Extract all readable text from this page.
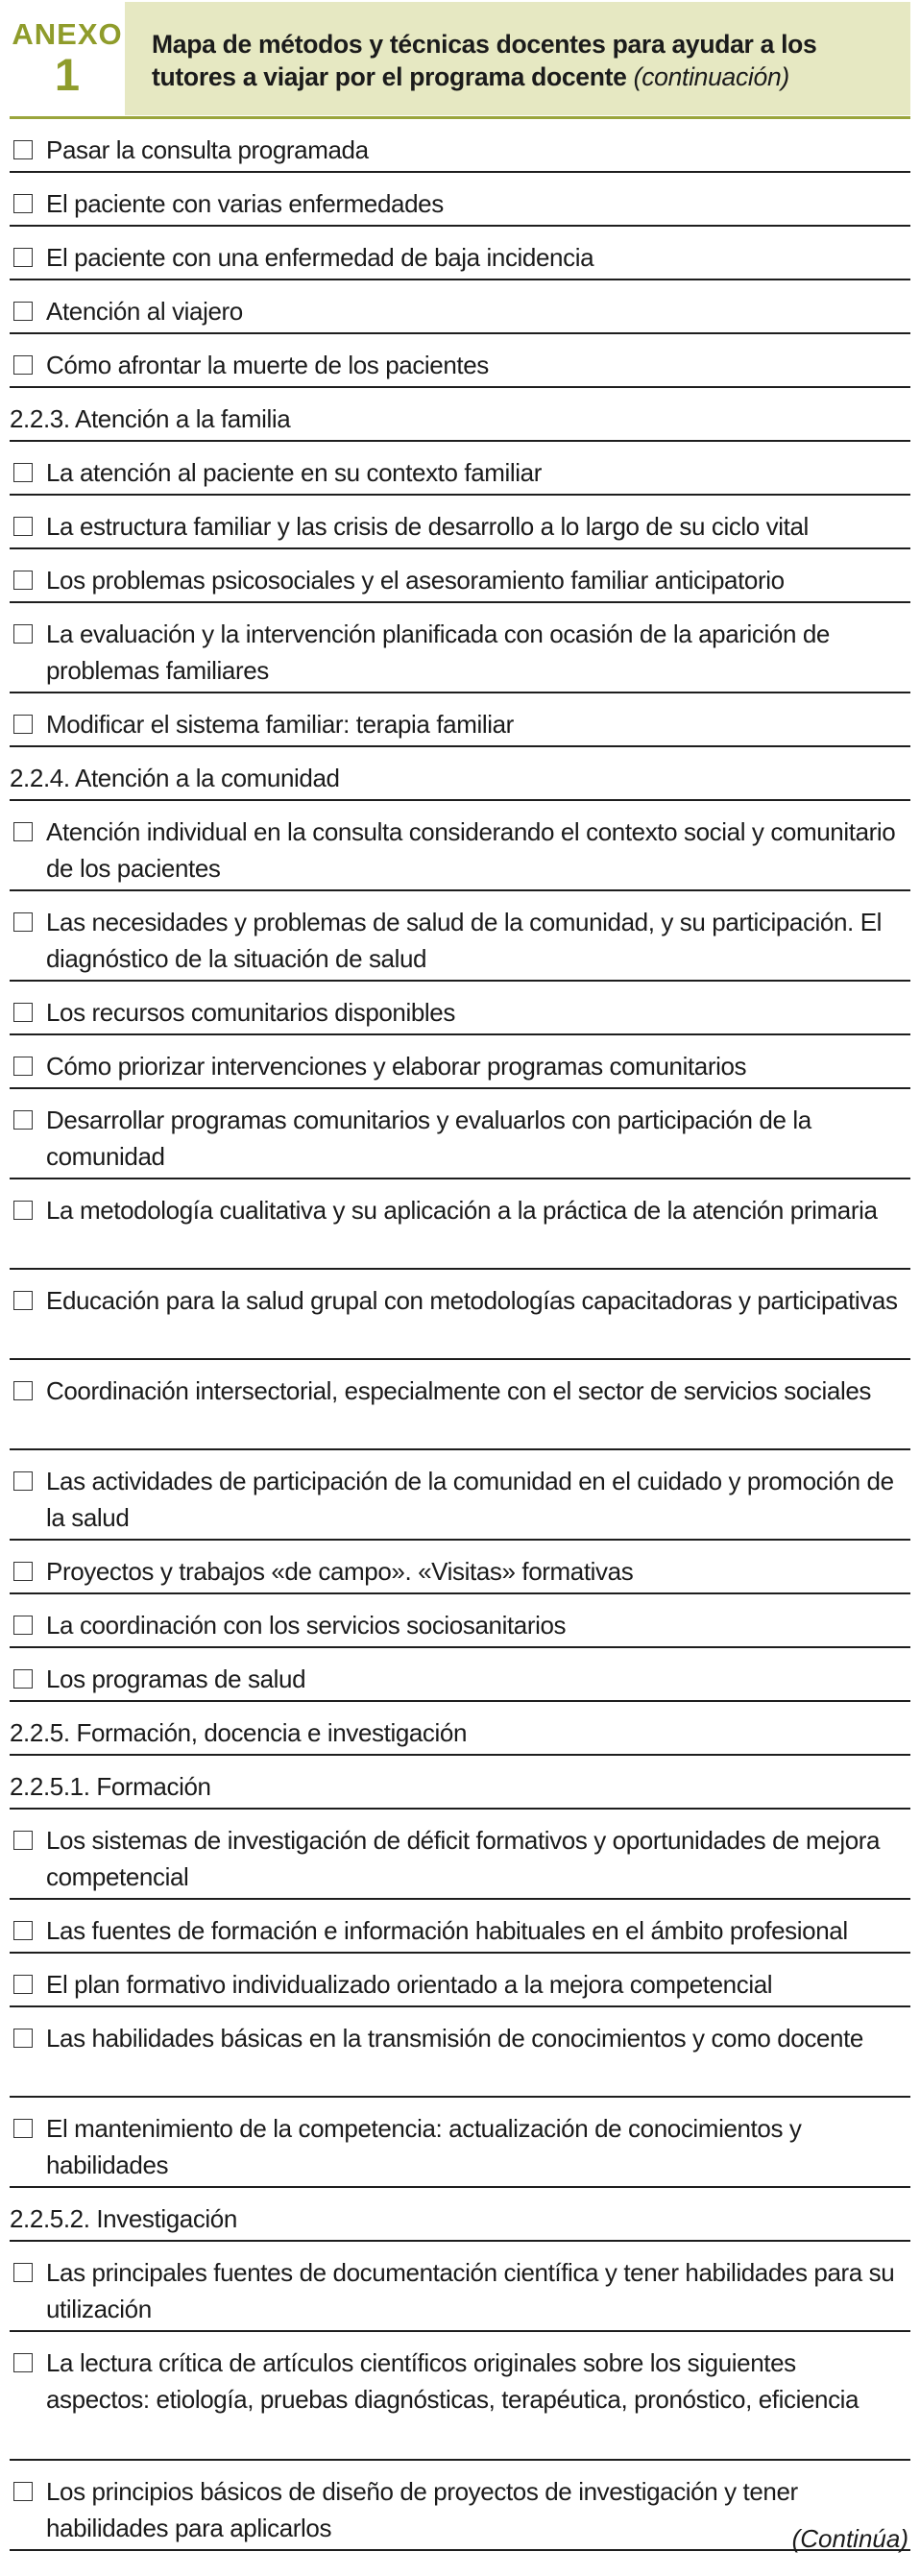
ANEXO
1
Mapa de métodos y técnicas docentes para ayudar a los tutores a viajar por el programa docente (continuación)
Pasar la consulta programada
El paciente con varias enfermedades
El paciente con una enfermedad de baja incidencia
Atención al viajero
Cómo afrontar la muerte de los pacientes
2.2.3. Atención a la familia
La atención al paciente en su contexto familiar
La estructura familiar y las crisis de desarrollo a lo largo de su ciclo vital
Los problemas psicosociales y el asesoramiento familiar anticipatorio
La evaluación y la intervención planificada con ocasión de la aparición de problemas familiares
Modificar el sistema familiar: terapia familiar
2.2.4. Atención a la comunidad
Atención individual en la consulta considerando el contexto social y comunitario de los pacientes
Las necesidades y problemas de salud de la comunidad, y su participación. El diagnóstico de la situación de salud
Los recursos comunitarios disponibles
Cómo priorizar intervenciones y elaborar programas comunitarios
Desarrollar programas comunitarios y evaluarlos con participación de la comunidad
La metodología cualitativa y su aplicación a la práctica de la atención primaria
Educación para la salud grupal con metodologías capacitadoras y participativas
Coordinación intersectorial, especialmente con el sector de servicios sociales
Las actividades de participación de la comunidad en el cuidado y promoción de la salud
Proyectos y trabajos «de campo». «Visitas» formativas
La coordinación con los servicios sociosanitarios
Los programas de salud
2.2.5. Formación, docencia e investigación
2.2.5.1. Formación
Los sistemas de investigación de déficit formativos y oportunidades de mejora competencial
Las fuentes de formación e información habituales en el ámbito profesional
El plan formativo individualizado orientado a la mejora competencial
Las habilidades básicas en la transmisión de conocimientos y como docente
El mantenimiento de la competencia: actualización de conocimientos y habilidades
2.2.5.2. Investigación
Las principales fuentes de documentación científica y tener habilidades para su utilización
La lectura crítica de artículos científicos originales sobre los siguientes aspectos: etiología, pruebas diagnósticas, terapéutica, pronóstico, eficiencia
Los principios básicos de diseño de proyectos de investigación y tener habilidades para aplicarlos	(Continúa)
